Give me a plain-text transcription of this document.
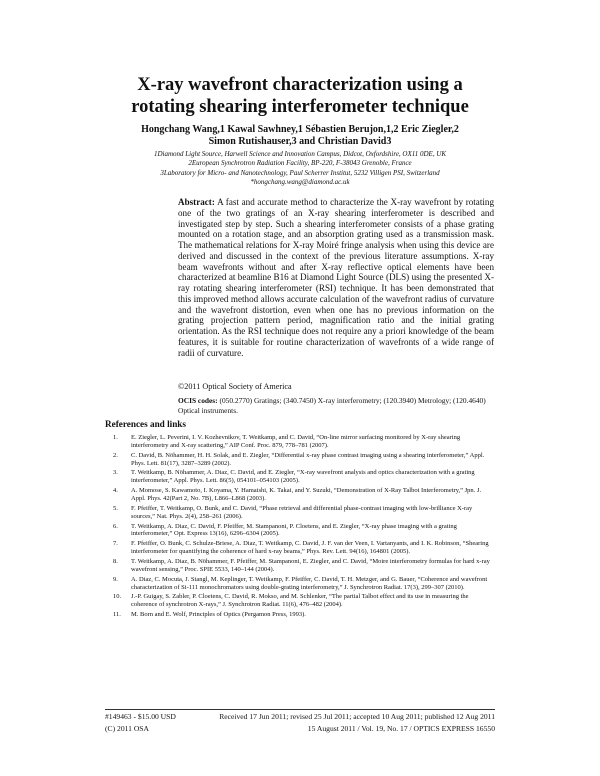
X-ray wavefront characterization using a
rotating shearing interferometer technique
Hongchang Wang,1 Kawal Sawhney,1 Sébastien Berujon,1,2 Eric Ziegler,2
Simon Rutishauser,3 and Christian David3
1Diamond Light Source, Harwell Science and Innovation Campus, Didcot, Oxfordshire, OX11 0DE, UK
2European Synchrotron Radiation Facility, BP-220, F-38043 Grenoble, France
3Laboratory for Micro- and Nanotechnology, Paul Scherrer Institut, 5232 Villigen PSI, Switzerland
*hongchang.wang@diamond.ac.uk
Abstract: A fast and accurate method to characterize the X-ray wavefront by rotating one of the two gratings of an X-ray shearing interferometer is described and investigated step by step. Such a shearing interferometer consists of a phase grating mounted on a rotation stage, and an absorption grating used as a transmission mask. The mathematical relations for X-ray Moiré fringe analysis when using this device are derived and discussed in the context of the previous literature assumptions. X-ray beam wavefronts without and after X-ray reflective optical elements have been characterized at beamline B16 at Diamond Light Source (DLS) using the presented X-ray rotating shearing interferometer (RSI) technique. It has been demonstrated that this improved method allows accurate calculation of the wavefront radius of curvature and the wavefront distortion, even when one has no previous information on the grating projection pattern period, magnification ratio and the initial grating orientation. As the RSI technique does not require any a priori knowledge of the beam features, it is suitable for routine characterization of wavefronts of a wide range of radii of curvature.
©2011 Optical Society of America
OCIS codes: (050.2770) Gratings; (340.7450) X-ray interferometry; (120.3940) Metrology; (120.4640) Optical instruments.
References and links
1. E. Ziegler, L. Peverini, I. V. Kozhevnikov, T. Weitkamp, and C. David, “On-line mirror surfacing monitored by X-ray shearing interferometry and X-ray scattering,” AIP Conf. Proc. 879, 778–781 (2007).
2. C. David, B. Nöhammer, H. H. Solak, and E. Ziegler, “Differential x-ray phase contrast imaging using a shearing interferometer,” Appl. Phys. Lett. 81(17), 3287–3289 (2002).
3. T. Weitkamp, B. Nöhammer, A. Diaz, C. David, and E. Ziegler, “X-ray wavefront analysis and optics characterization with a grating interferometer,” Appl. Phys. Lett. 86(5), 054101–054103 (2005).
4. A. Momose, S. Kawamoto, I. Koyama, Y. Hamaishi, K. Takai, and Y. Suzuki, “Demonstration of X-Ray Talbot Interferometry,” Jpn. J. Appl. Phys. 42(Part 2, No. 7B), L866–L868 (2003).
5. F. Pfeiffer, T. Weitkamp, O. Bunk, and C. David, “Phase retrieval and differential phase-contrast imaging with low-brilliance X-ray sources,” Nat. Phys. 2(4), 258–261 (2006).
6. T. Weitkamp, A. Diaz, C. David, F. Pfeiffer, M. Stampanoni, P. Cloetens, and E. Ziegler, “X-ray phase imaging with a grating interferometer,” Opt. Express 13(16), 6296–6304 (2005).
7. F. Pfeiffer, O. Bunk, C. Schulze-Briese, A. Diaz, T. Weitkamp, C. David, J. F. van der Veen, I. Vartanyants, and I. K. Robinson, “Shearing interferometer for quantifying the coherence of hard x-ray beams,” Phys. Rev. Lett. 94(16), 164801 (2005).
8. T. Weitkamp, A. Diaz, B. Nöhammer, F. Pfeiffer, M. Stampanoni, E. Ziegler, and C. David, “Moire interferometry formulas for hard x-ray wavefront sensing,” Proc. SPIE 5533, 140–144 (2004).
9. A. Diaz, C. Mocuta, J. Stangl, M. Keplinger, T. Weitkamp, F. Pfeiffer, C. David, T. H. Metzger, and G. Bauer, “Coherence and wavefront characterization of Si-111 monochromators using double-grating interferometry,” J. Synchrotron Radiat. 17(3), 299–307 (2010).
10. J.-P. Guigay, S. Zabler, P. Cloetens, C. David, R. Mokso, and M. Schlenker, “The partial Talbot effect and its use in measuring the coherence of synchrotron X-rays,” J. Synchrotron Radiat. 11(6), 476–482 (2004).
11. M. Born and E. Wolf, Principles of Optics (Pergamon Press, 1993).
#149463 - $15.00 USD	Received 17 Jun 2011; revised 25 Jul 2011; accepted 10 Aug 2011; published 12 Aug 2011
(C) 2011 OSA	15 August 2011 / Vol. 19, No. 17 / OPTICS EXPRESS 16550
